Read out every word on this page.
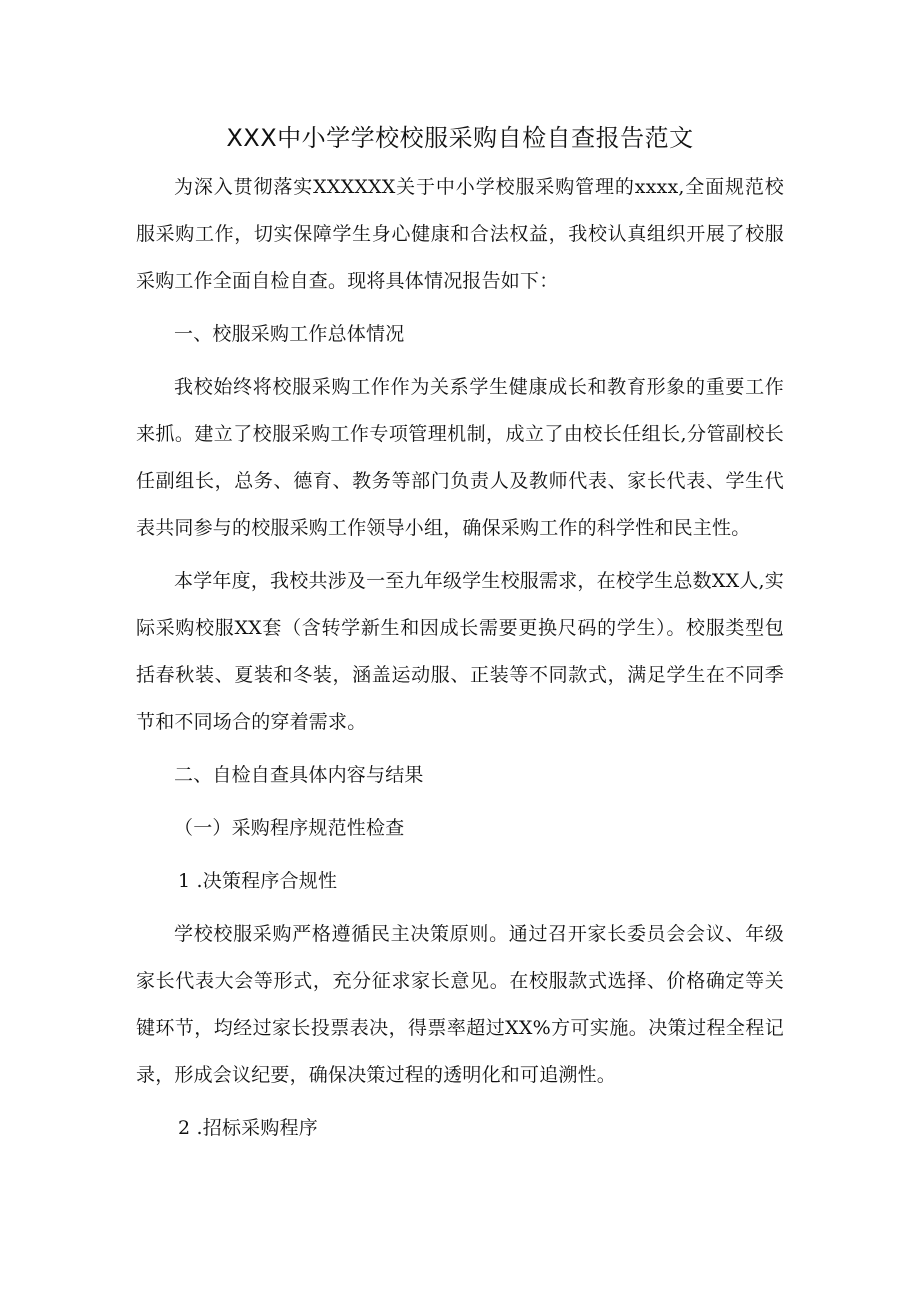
XXX中小学学校校服采购自检自查报告范文

为深入贯彻落实XXXXXX关于中小学校服采购管理的xxxx,全面规范校服采购工作，切实保障学生身心健康和合法权益，我校认真组织开展了校服采购工作全面自检自查。现将具体情况报告如下：

一、校服采购工作总体情况

我校始终将校服采购工作作为关系学生健康成长和教育形象的重要工作来抓。建立了校服采购工作专项管理机制，成立了由校长任组长,分管副校长任副组长，总务、德育、教务等部门负责人及教师代表、家长代表、学生代表共同参与的校服采购工作领导小组，确保采购工作的科学性和民主性。

本学年度，我校共涉及一至九年级学生校服需求，在校学生总数XX人,实际采购校服XX套（含转学新生和因成长需要更换尺码的学生）。校服类型包括春秋装、夏装和冬装，涵盖运动服、正装等不同款式，满足学生在不同季节和不同场合的穿着需求。

二、自检自查具体内容与结果

（一）采购程序规范性检查

1 .决策程序合规性

学校校服采购严格遵循民主决策原则。通过召开家长委员会会议、年级家长代表大会等形式，充分征求家长意见。在校服款式选择、价格确定等关键环节，均经过家长投票表决，得票率超过XX%方可实施。决策过程全程记录，形成会议纪要，确保决策过程的透明化和可追溯性。

2 .招标采购程序
